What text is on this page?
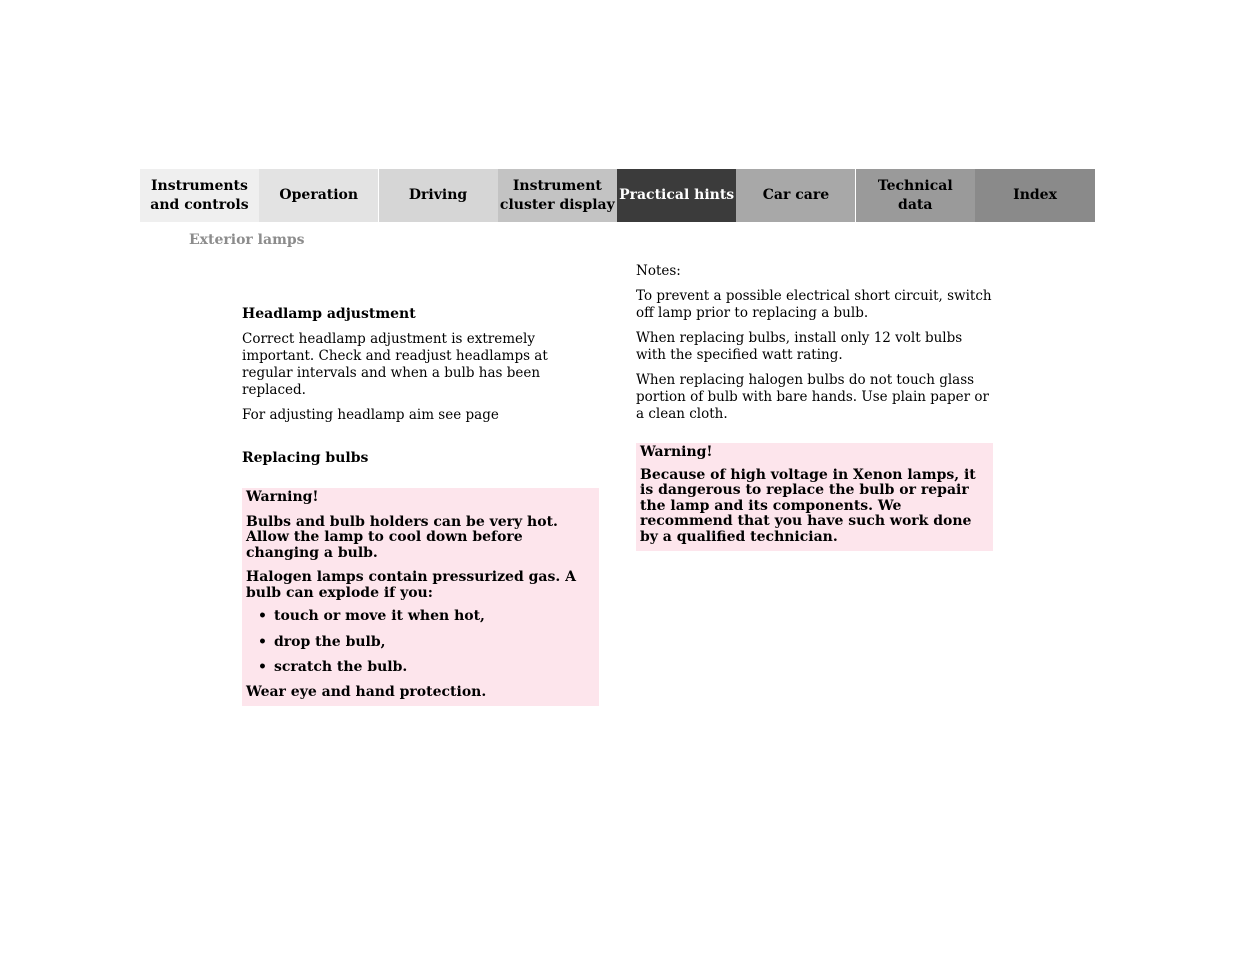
Instruments
and controls
Operation	Driving
Instrument
cluster display
Practical hints	Car care
Technical
data
Index
Exterior lamps

Headlamp adjustment

Correct headlamp adjustment is extremely important. Check and readjust headlamps at regular intervals and when a bulb has been replaced.

For adjusting headlamp aim see page

Replacing bulbs

Warning!

Bulbs and bulb holders can be very hot. Allow the lamp to cool down before changing a bulb.

Halogen lamps contain pressurized gas. A bulb can explode if you:

• touch or move it when hot,
• drop the bulb,
• scratch the bulb.

Wear eye and hand protection.

Notes:

To prevent a possible electrical short circuit, switch off lamp prior to replacing a bulb.

When replacing bulbs, install only 12 volt bulbs with the specified watt rating.

When replacing halogen bulbs do not touch glass portion of bulb with bare hands. Use plain paper or a clean cloth.

Warning!

Because of high voltage in Xenon lamps, it is dangerous to replace the bulb or repair the lamp and its components. We recommend that you have such work done by a qualified technician.
